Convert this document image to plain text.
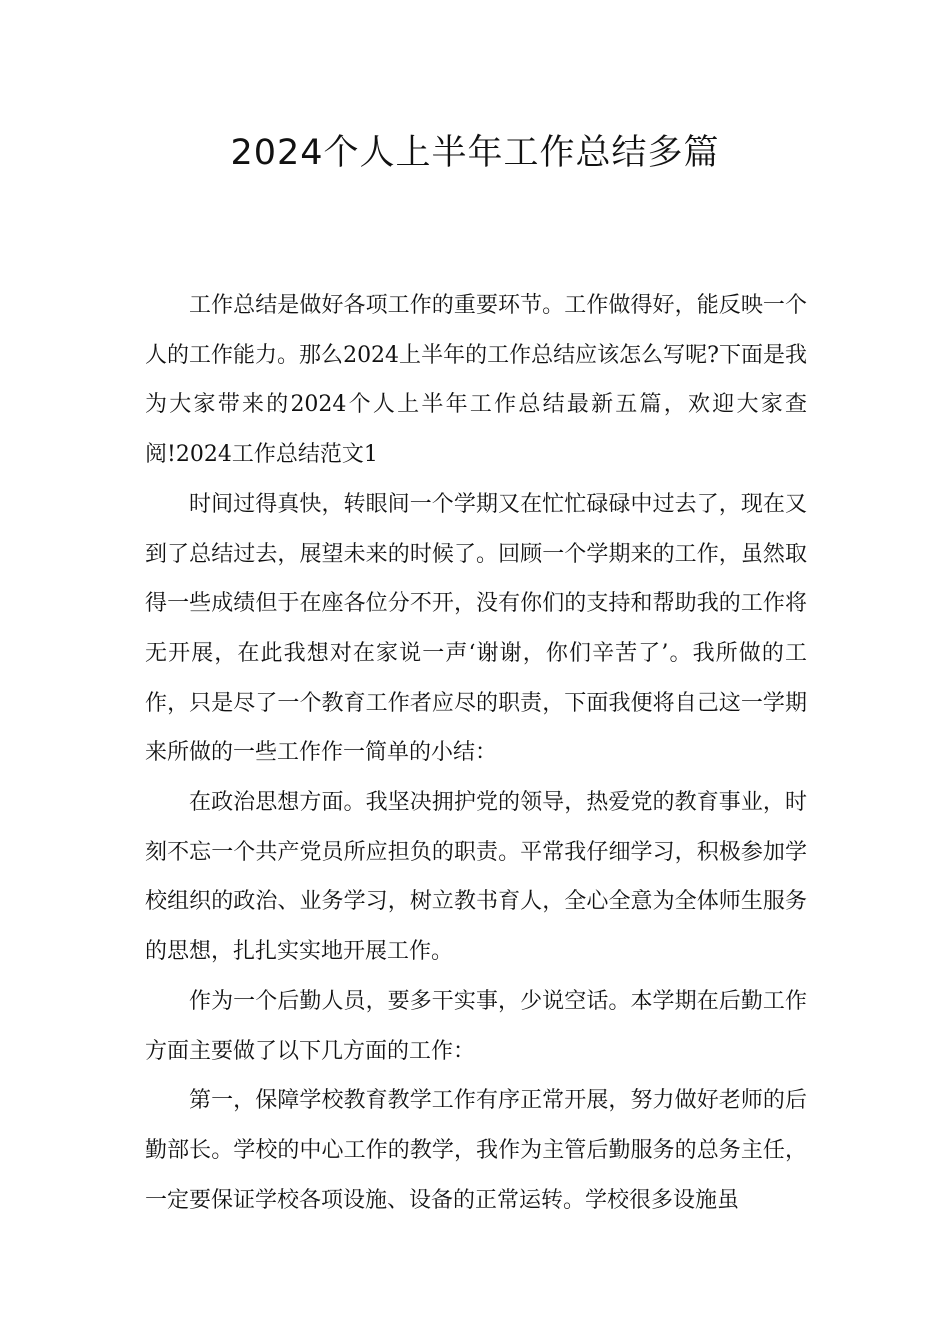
2024个人上半年工作总结多篇

工作总结是做好各项工作的重要环节。工作做得好，能反映一个人的工作能力。那么2024上半年的工作总结应该怎么写呢?下面是我为大家带来的2024个人上半年工作总结最新五篇，欢迎大家查阅!2024工作总结范文1

时间过得真快，转眼间一个学期又在忙忙碌碌中过去了，现在又到了总结过去，展望未来的时候了。回顾一个学期来的工作，虽然取得一些成绩但于在座各位分不开，没有你们的支持和帮助我的工作将无开展，在此我想对在家说一声‘谢谢，你们辛苦了’。我所做的工作，只是尽了一个教育工作者应尽的职责，下面我便将自己这一学期来所做的一些工作作一简单的小结：

在政治思想方面。我坚决拥护党的领导，热爱党的教育事业，时刻不忘一个共产党员所应担负的职责。平常我仔细学习，积极参加学校组织的政治、业务学习，树立教书育人，全心全意为全体师生服务的思想，扎扎实实地开展工作。

作为一个后勤人员，要多干实事，少说空话。本学期在后勤工作方面主要做了以下几方面的工作：

第一，保障学校教育教学工作有序正常开展，努力做好老师的后勤部长。学校的中心工作的教学，我作为主管后勤服务的总务主任，一定要保证学校各项设施、设备的正常运转。学校很多设施虽
